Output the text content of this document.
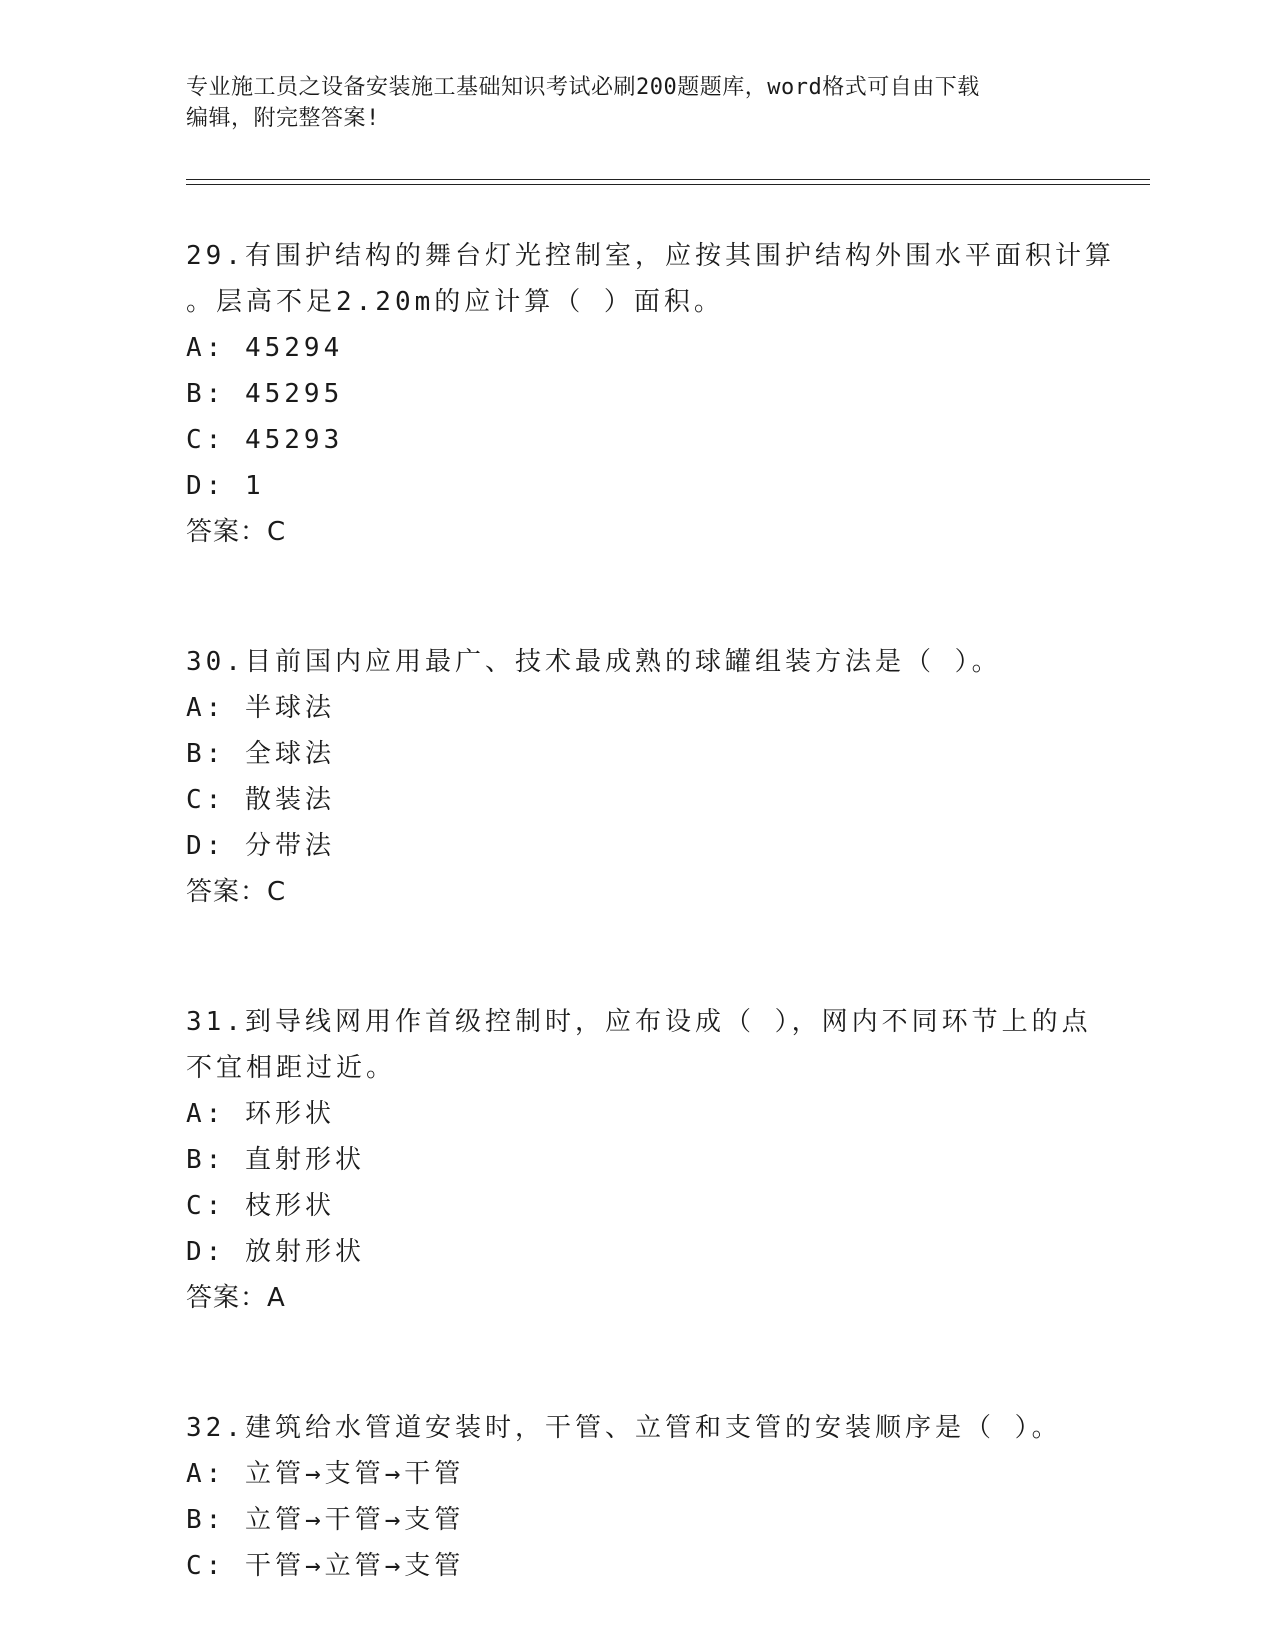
专业施工员之设备安装施工基础知识考试必刷200题题库，word格式可自由下载
编辑，附完整答案!
29.有围护结构的舞台灯光控制室，应按其围护结构外围水平面积计算
。层高不足2.20m的应计算（ ）面积。
A: 45294
B: 45295
C: 45293
D: 1
答案：C
30.目前国内应用最广、技术最成熟的球罐组装方法是（ ）。
A: 半球法
B: 全球法
C: 散装法
D: 分带法
答案：C
31.到导线网用作首级控制时，应布设成（ ），网内不同环节上的点
不宜相距过近。
A: 环形状
B: 直射形状
C: 枝形状
D: 放射形状
答案：A
32.建筑给水管道安装时，干管、立管和支管的安装顺序是（ ）。
A: 立管→支管→干管
B: 立管→干管→支管
C: 干管→立管→支管
